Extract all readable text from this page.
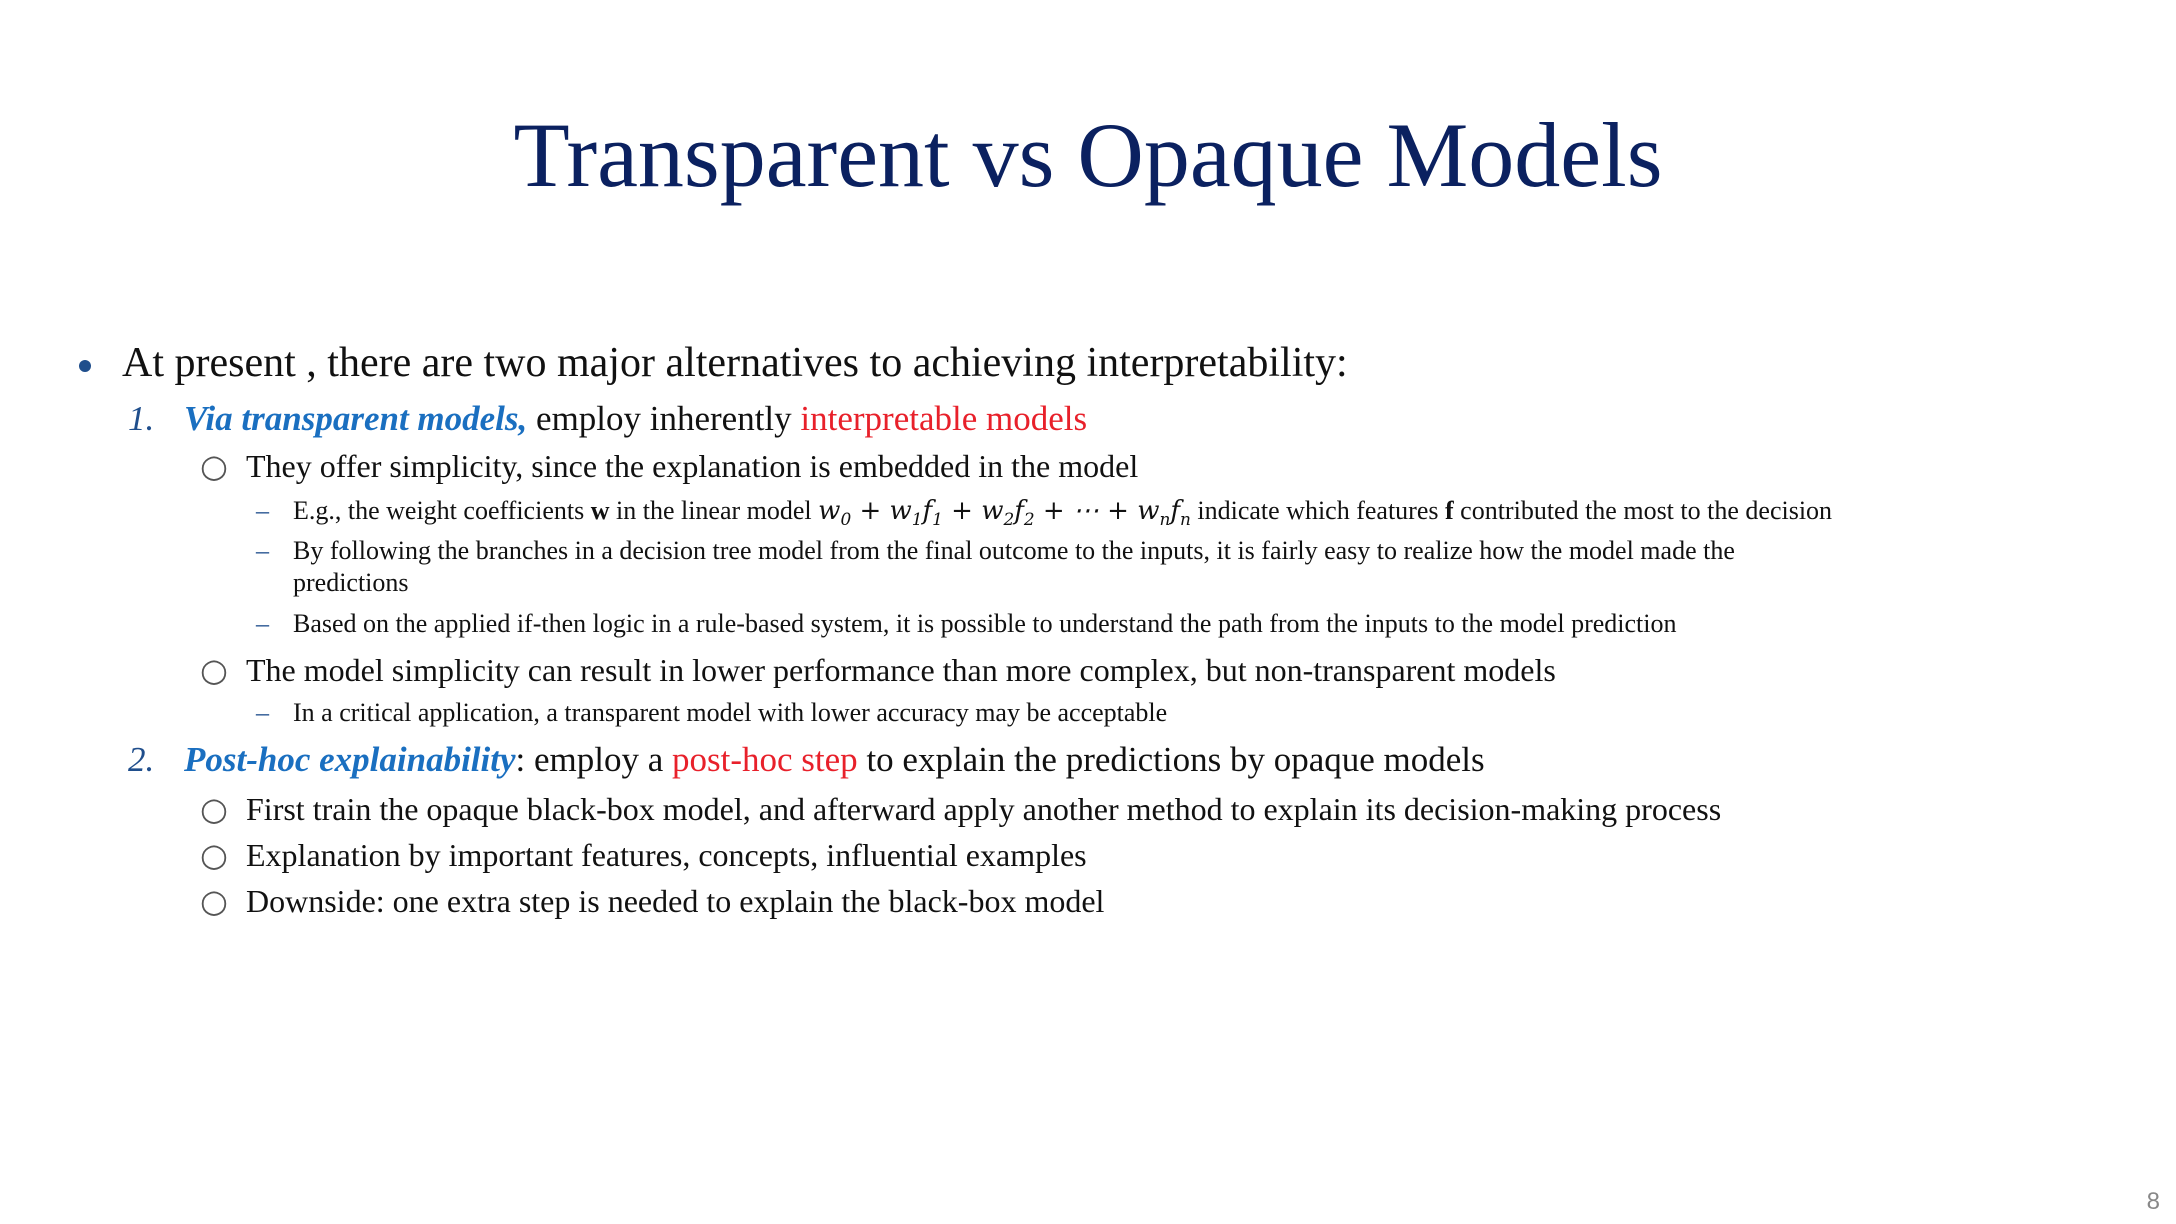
Transparent vs Opaque Models
At present , there are two major alternatives to achieving interpretability:
1. Via transparent models, employ inherently interpretable models
○ They offer simplicity, since the explanation is embedded in the model
– E.g., the weight coefficients w in the linear model $w_0 + w_1f_1 + w_2f_2$ + ⋯ + $w_nf_n$ indicate which features f contributed the most to the decision
– By following the branches in a decision tree model from the final outcome to the inputs, it is fairly easy to realize how the model made the
predictions
– Based on the applied if-then logic in a rule-based system, it is possible to understand the path from the inputs to the model prediction
○ The model simplicity can result in lower performance than more complex, but non-transparent models
– In a critical application, a transparent model with lower accuracy may be acceptable
2. Post-hoc explainability: employ a post-hoc step to explain the predictions by opaque models
○ First train the opaque black-box model, and afterward apply another method to explain its decision-making process
○ Explanation by important features, concepts, influential examples
○ Downside: one extra step is needed to explain the black-box model
8
